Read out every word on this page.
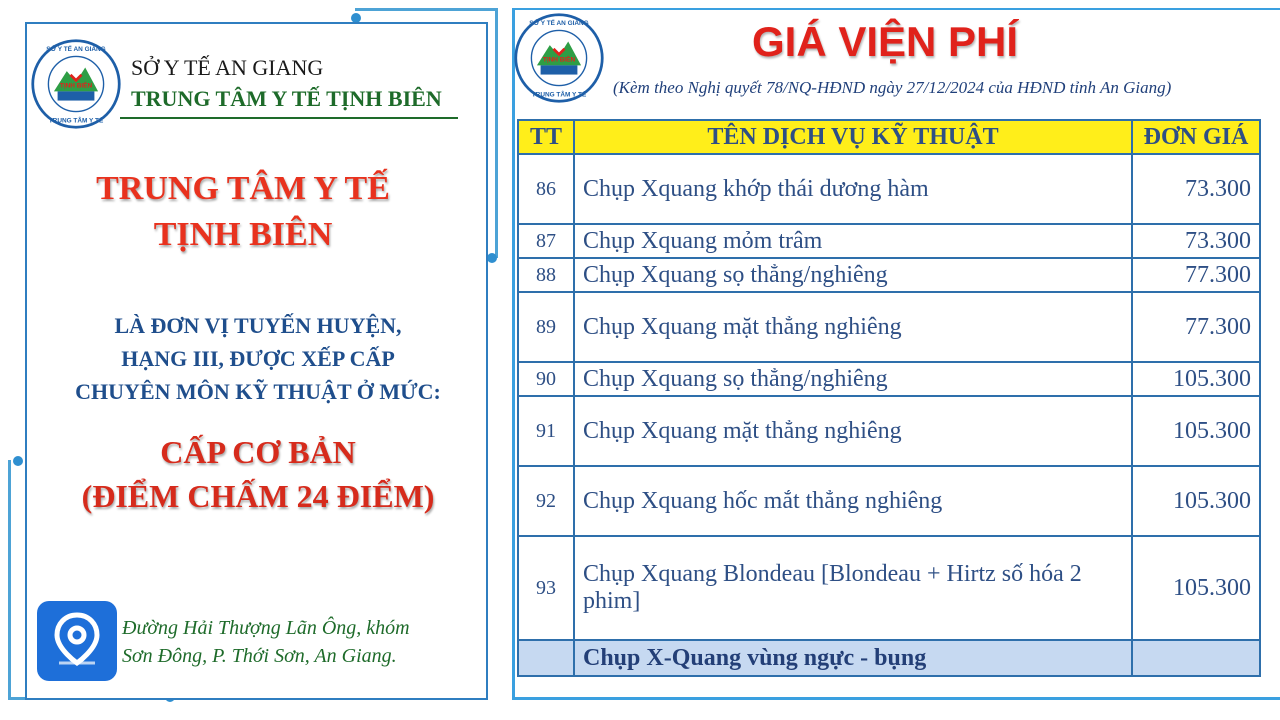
TỊNH BIÊN
SỞ Y TẾ AN GIANG
TRUNG TÂM Y TẾ
SỞ Y TẾ AN GIANG
TRUNG TÂM Y TẾ TỊNH BIÊN
TRUNG TÂM Y TẾ
TỊNH BIÊN
LÀ ĐƠN VỊ TUYẾN HUYỆN,
HẠNG III, ĐƯỢC XẾP CẤP
CHUYÊN MÔN KỸ THUẬT Ở MỨC:
CẤP CƠ BẢN
(ĐIỂM CHẤM 24 ĐIỂM)
Đường Hải Thượng Lãn Ông, khóm
Sơn Đông, P. Thới Sơn, An Giang.
TỊNH BIÊN
SỞ Y TẾ AN GIANG
TRUNG TÂM Y TẾ
GIÁ VIỆN PHÍ
(Kèm theo Nghị quyết 78/NQ-HĐND ngày 27/12/2024 của HĐND tỉnh An Giang)
TT	TÊN DỊCH VỤ KỸ THUẬT	ĐƠN GIÁ
86	Chụp Xquang khớp thái dương hàm	73.300
87	Chụp Xquang mỏm trâm	73.300
88	Chụp Xquang sọ thẳng/nghiêng	77.300
89	Chụp Xquang mặt thẳng nghiêng	77.300
90	Chụp Xquang sọ thẳng/nghiêng	105.300
91	Chụp Xquang mặt thẳng nghiêng	105.300
92	Chụp Xquang hốc mắt thẳng nghiêng	105.300
93	Chụp Xquang Blondeau [Blondeau + Hirtz số hóa 2 phim]	105.300
	Chụp X-Quang vùng ngực - bụng	
